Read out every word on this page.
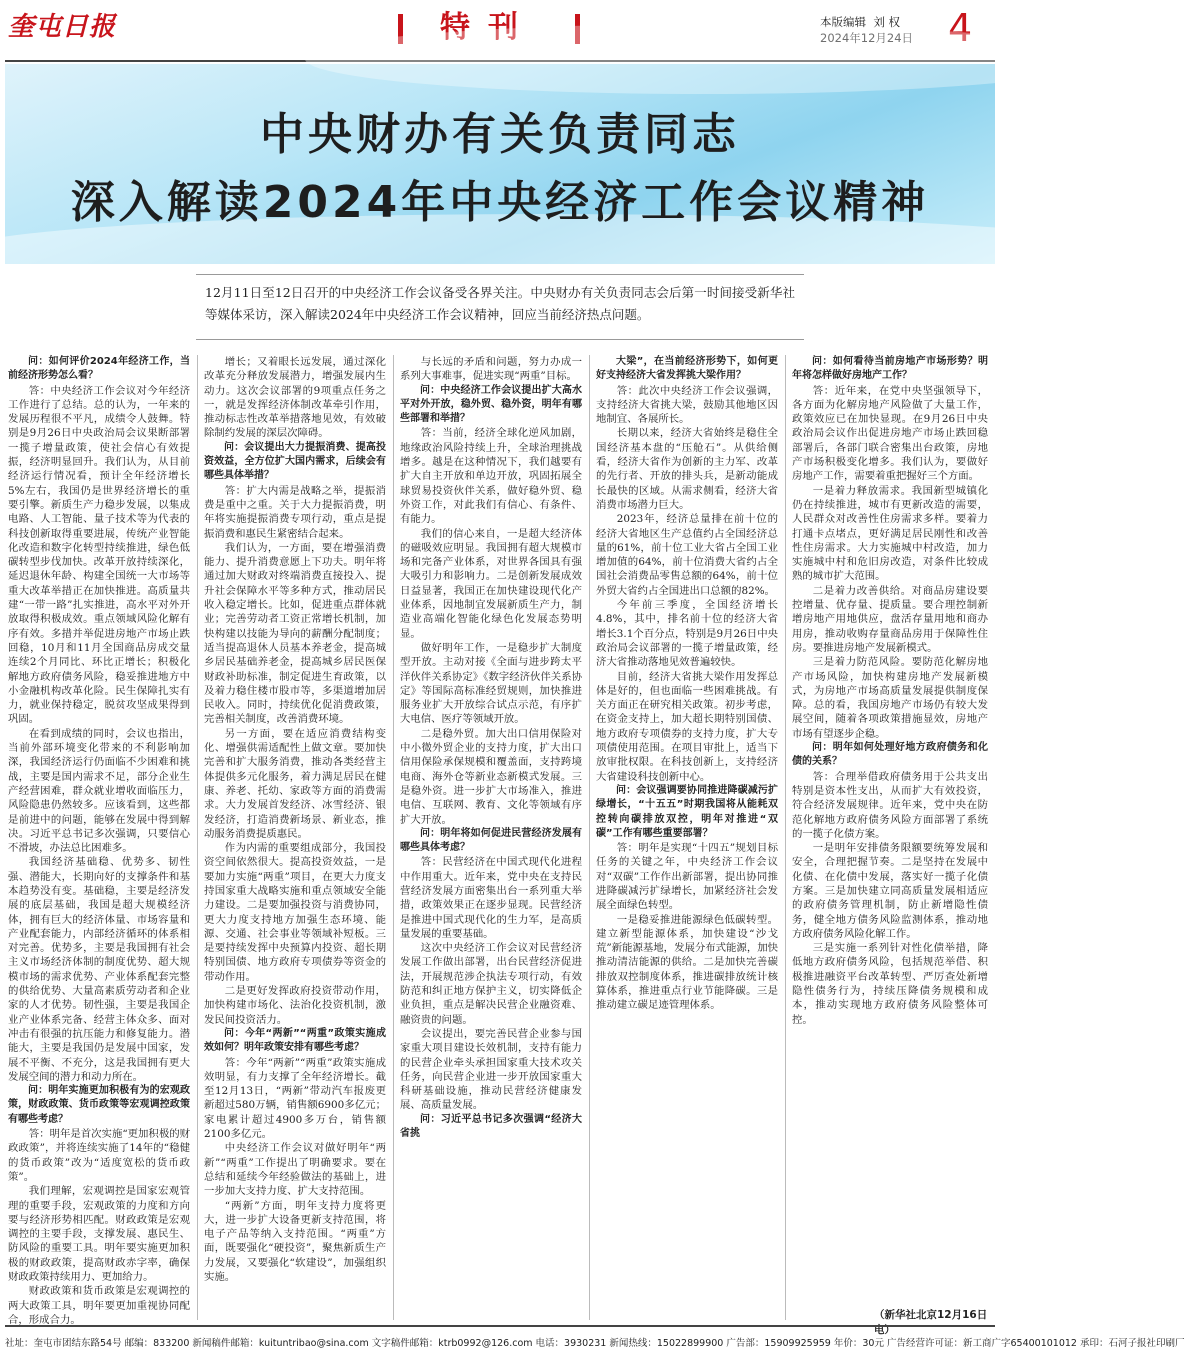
奎屯日报	特刊	本版编辑 刘 权
2024年12月24日 4
中央财办有关负责同志
深入解读2024年中央经济工作会议精神
12月11日至12日召开的中央经济工作会议备受各界关注。中央财办有关负责同志会后第一时间接受新华社等媒体采访，深入解读2024年中央经济工作会议精神，回应当前经济热点问题。

问：如何评价2024年经济工作，当前经济形势怎么看？

答：中央经济工作会议对今年经济工作进行了总结。总的认为，一年来的发展历程很不平凡，成绩令人鼓舞。特别是9月26日中央政治局会议果断部署一揽子增量政策，使社会信心有效提振，经济明显回升。我们认为，从目前经济运行情况看，预计全年经济增长5%左右，我国仍是世界经济增长的重要引擎。新质生产力稳步发展，以集成电路、人工智能、量子技术等为代表的科技创新取得重要进展，传统产业智能化改造和数字化转型持续推进，绿色低碳转型步伐加快。改革开放持续深化，延迟退休年龄、构建全国统一大市场等重大改革举措正在加快推进。高质量共建“一带一路”扎实推进，高水平对外开放取得积极成效。重点领域风险化解有序有效。多措并举促进房地产市场止跌回稳，10月和11月全国商品房成交量连续2个月同比、环比正增长；积极化解地方政府债务风险，稳妥推进地方中小金融机构改革化险。民生保障扎实有力，就业保持稳定，脱贫攻坚成果得到巩固。

在看到成绩的同时，会议也指出，当前外部环境变化带来的不利影响加深，我国经济运行仍面临不少困难和挑战，主要是国内需求不足，部分企业生产经营困难，群众就业增收面临压力，风险隐患仍然较多。应该看到，这些都是前进中的问题，能够在发展中得到解决。习近平总书记多次强调，只要信心不滑坡，办法总比困难多。

我国经济基础稳、优势多、韧性强、潜能大，长期向好的支撑条件和基本趋势没有变。基础稳，主要是经济发展的底层基础，我国是超大规模经济体，拥有巨大的经济体量、市场容量和产业配套能力，内部经济循环的体系相对完善。优势多，主要是我国拥有社会主义市场经济体制的制度优势、超大规模市场的需求优势、产业体系配套完整的供给优势、大量高素质劳动者和企业家的人才优势。韧性强，主要是我国企业产业体系完备、经营主体众多、面对冲击有很强的抗压能力和修复能力。潜能大，主要是我国仍是发展中国家，发展不平衡、不充分，这是我国拥有更大发展空间的潜力和动力所在。

问：明年实施更加积极有为的宏观政策，财政政策、货币政策等宏观调控政策有哪些考虑？

答：明年是首次实施“更加积极的财政政策”，并将连续实施了14年的“稳健的货币政策”改为“适度宽松的货币政策”。

我们理解，宏观调控是国家宏观管理的重要手段，宏观政策的力度和方向要与经济形势相匹配。财政政策是宏观调控的主要手段，支撑发展、惠民生、防风险的重要工具。明年要实施更加积极的财政政策，提高财政赤字率，确保财政政策持续用力、更加给力。

财政政策和货币政策是宏观调控的两大政策工具，明年要更加重视协同配合，形成合力。

增长；又着眼长远发展，通过深化改革充分释放发展潜力，增强发展内生动力。这次会议部署的9项重点任务之一，就是发挥经济体制改革牵引作用，推动标志性改革举措落地见效，有效破除制约发展的深层次障碍。

问：会议提出大力提振消费、提高投资效益，全方位扩大国内需求，后续会有哪些具体举措？

答：扩大内需是战略之举，提振消费是重中之重。关于大力提振消费，明年将实施提振消费专项行动，重点是提振消费和惠民生紧密结合起来。

我们认为，一方面，要在增强消费能力、提升消费意愿上下功夫。明年将通过加大财政对终端消费直接投入、提升社会保障水平等多种方式，推动居民收入稳定增长。比如，促进重点群体就业；完善劳动者工资正常增长机制，加快构建以技能为导向的薪酬分配制度；适当提高退休人员基本养老金，提高城乡居民基础养老金，提高城乡居民医保财政补助标准，制定促进生育政策，以及着力稳住楼市股市等，多渠道增加居民收入。同时，持续优化促消费政策，完善相关制度，改善消费环境。

另一方面，要在适应消费结构变化、增强供需适配性上做文章。要加快完善和扩大服务消费，推动各类经营主体提供多元化服务，着力满足居民在健康、养老、托幼、家政等方面的消费需求。大力发展首发经济、冰雪经济、银发经济，打造消费新场景、新业态，推动服务消费提质惠民。

作为内需的重要组成部分，我国投资空间依然很大。提高投资效益，一是要加力实施“两重”项目，在更大力度支持国家重大战略实施和重点领域安全能力建设。二是要加强投资与消费协同，更大力度支持地方加强生态环境、能源、交通、社会事业等领域补短板。三是要持续发挥中央预算内投资、超长期特别国债、地方政府专项债券等资金的带动作用。

二是更好发挥政府投资带动作用，加快构建市场化、法治化投资机制，激发民间投资活力。

问：今年“两新”“两重”政策实施成效如何？明年政策安排有哪些考虑？

答：今年“两新”“两重”政策实施成效明显，有力支撑了全年经济增长。截至12月13日，“两新”带动汽车报废更新超过580万辆，销售额6900多亿元；家电累计超过4900多万台，销售额2100多亿元。

中央经济工作会议对做好明年“两新”“两重”工作提出了明确要求。要在总结和延续今年经验做法的基础上，进一步加大支持力度、扩大支持范围。

“两新”方面，明年支持力度将更大，进一步扩大设备更新支持范围，将电子产品等纳入支持范围。“两重”方面，既要强化“硬投资”，聚焦新质生产力发展，又要强化“软建设”，加强组织实施。

与长远的矛盾和问题，努力办成一系列大事难事，促进实现“两重”目标。

问：中央经济工作会议提出扩大高水平对外开放，稳外贸、稳外资，明年有哪些部署和举措？

答：当前，经济全球化逆风加剧，地缘政治风险持续上升，全球治理挑战增多。越是在这种情况下，我们越要有扩大自主开放和单边开放，巩固拓展全球贸易投资伙伴关系，做好稳外贸、稳外资工作，对此我们有信心、有条件、有能力。

我们的信心来自，一是超大经济体的磁吸效应明显。我国拥有超大规模市场和完备产业体系，对世界各国具有强大吸引力和影响力。二是创新发展成效日益显著，我国正在加快建设现代化产业体系，因地制宜发展新质生产力，制造业高端化智能化绿色化发展态势明显。

做好明年工作，一是稳步扩大制度型开放。主动对接《全面与进步跨太平洋伙伴关系协定》《数字经济伙伴关系协定》等国际高标准经贸规则，加快推进服务业扩大开放综合试点示范，有序扩大电信、医疗等领域开放。

二是稳外贸。加大出口信用保险对中小微外贸企业的支持力度，扩大出口信用保险承保规模和覆盖面，支持跨境电商、海外仓等新业态新模式发展。三是稳外资。进一步扩大市场准入，推进电信、互联网、教育、文化等领域有序扩大开放。

问：明年将如何促进民营经济发展有哪些具体考虑？

答：民营经济在中国式现代化进程中作用重大。近年来，党中央在支持民营经济发展方面密集出台一系列重大举措，政策效果正在逐步显现。民营经济是推进中国式现代化的生力军，是高质量发展的重要基础。

这次中央经济工作会议对民营经济发展工作做出部署，出台民营经济促进法，开展规范涉企执法专项行动，有效防范和纠正地方保护主义，切实降低企业负担，重点是解决民营企业融资难、融资贵的问题。

会议提出，要完善民营企业参与国家重大项目建设长效机制，支持有能力的民营企业牵头承担国家重大技术攻关任务，向民营企业进一步开放国家重大科研基础设施，推动民营经济健康发展、高质量发展。

问：习近平总书记多次强调“经济大省挑

大梁”，在当前经济形势下，如何更好支持经济大省发挥挑大梁作用？

答：此次中央经济工作会议强调，支持经济大省挑大梁，鼓励其他地区因地制宜、各展所长。

长期以来，经济大省始终是稳住全国经济基本盘的“压舱石”。从供给侧看，经济大省作为创新的主力军、改革的先行者、开放的排头兵，是新动能成长最快的区域。从需求侧看，经济大省消费市场潜力巨大。

2023年，经济总量排在前十位的经济大省地区生产总值约占全国经济总量的61%，前十位工业大省占全国工业增加值的64%，前十位消费大省约占全国社会消费品零售总额的64%，前十位外贸大省约占全国进出口总额的82%。

今年前三季度，全国经济增长4.8%，其中，排名前十位的经济大省增长3.1个百分点，特别是9月26日中央政治局会议部署的一揽子增量政策，经济大省推动落地见效普遍较快。

目前，经济大省挑大梁作用发挥总体是好的，但也面临一些困难挑战。有关方面正在研究相关政策。初步考虑，在资金支持上，加大超长期特别国债、地方政府专项债券的支持力度，扩大专项债使用范围。在项目审批上，适当下放审批权限。在科技创新上，支持经济大省建设科技创新中心。

问：会议强调要协同推进降碳减污扩绿增长，“十五五”时期我国将从能耗双控转向碳排放双控，明年对推进“双碳”工作有哪些重要部署？

答：明年是实现“十四五”规划目标任务的关键之年，中央经济工作会议对“双碳”工作作出新部署，提出协同推进降碳减污扩绿增长，加紧经济社会发展全面绿色转型。

一是稳妥推进能源绿色低碳转型。建立新型能源体系，加快建设“沙戈荒”新能源基地，发展分布式能源，加快推动清洁能源的供给。二是加快完善碳排放双控制度体系，推进碳排放统计核算体系，推进重点行业节能降碳。三是推动建立碳足迹管理体系。

问：如何看待当前房地产市场形势？明年将怎样做好房地产工作？

答：近年来，在党中央坚强领导下，各方面为化解房地产风险做了大量工作，政策效应已在加快显现。在9月26日中央政治局会议作出促进房地产市场止跌回稳部署后，各部门联合密集出台政策，房地产市场积极变化增多。我们认为，要做好房地产工作，需要着重把握好三个方面。

一是着力释放需求。我国新型城镇化仍在持续推进，城市有更新改造的需要，人民群众对改善性住房需求多样。要着力打通卡点堵点，更好满足居民刚性和改善性住房需求。大力实施城中村改造，加力实施城中村和危旧房改造，对条件比较成熟的城市扩大范围。

二是着力改善供给。对商品房建设要控增量、优存量、提质量。要合理控制新增房地产用地供应，盘活存量用地和商办用房，推动收购存量商品房用于保障性住房。要推进房地产发展新模式。

三是着力防范风险。要防范化解房地产市场风险，加快构建房地产发展新模式，为房地产市场高质量发展提供制度保障。总的看，我国房地产市场仍有较大发展空间，随着各项政策措施显效，房地产市场有望逐步企稳。

问：明年如何处理好地方政府债务和化债的关系？

答：合理举借政府债务用于公共支出特别是资本性支出，从而扩大有效投资，符合经济发展规律。近年来，党中央在防范化解地方政府债务风险方面部署了系统的一揽子化债方案。

一是明年安排债务限额要统筹发展和安全，合理把握节奏。二是坚持在发展中化债、在化债中发展，落实好一揽子化债方案。三是加快建立同高质量发展相适应的政府债务管理机制，防止新增隐性债务，健全地方债务风险监测体系，推动地方政府债务风险化解工作。

三是实施一系列针对性化债举措，降低地方政府债务风险，包括规范举借、积极推进融资平台改革转型、严厉查处新增隐性债务行为，持续压降债务规模和成本，推动实现地方政府债务风险整体可控。

（新华社北京12月16日电）
社址：奎屯市团结东路54号 邮编：833200 新闻稿件邮箱：kuituntribao@sina.com 文字稿件邮箱：ktrb0992@126.com 电话：3930231 新闻热线：15022899900 广告部：15909925959 年价：30元 广告经营许可证：新工商广字65400101012 承印：石河子报社印刷厂
